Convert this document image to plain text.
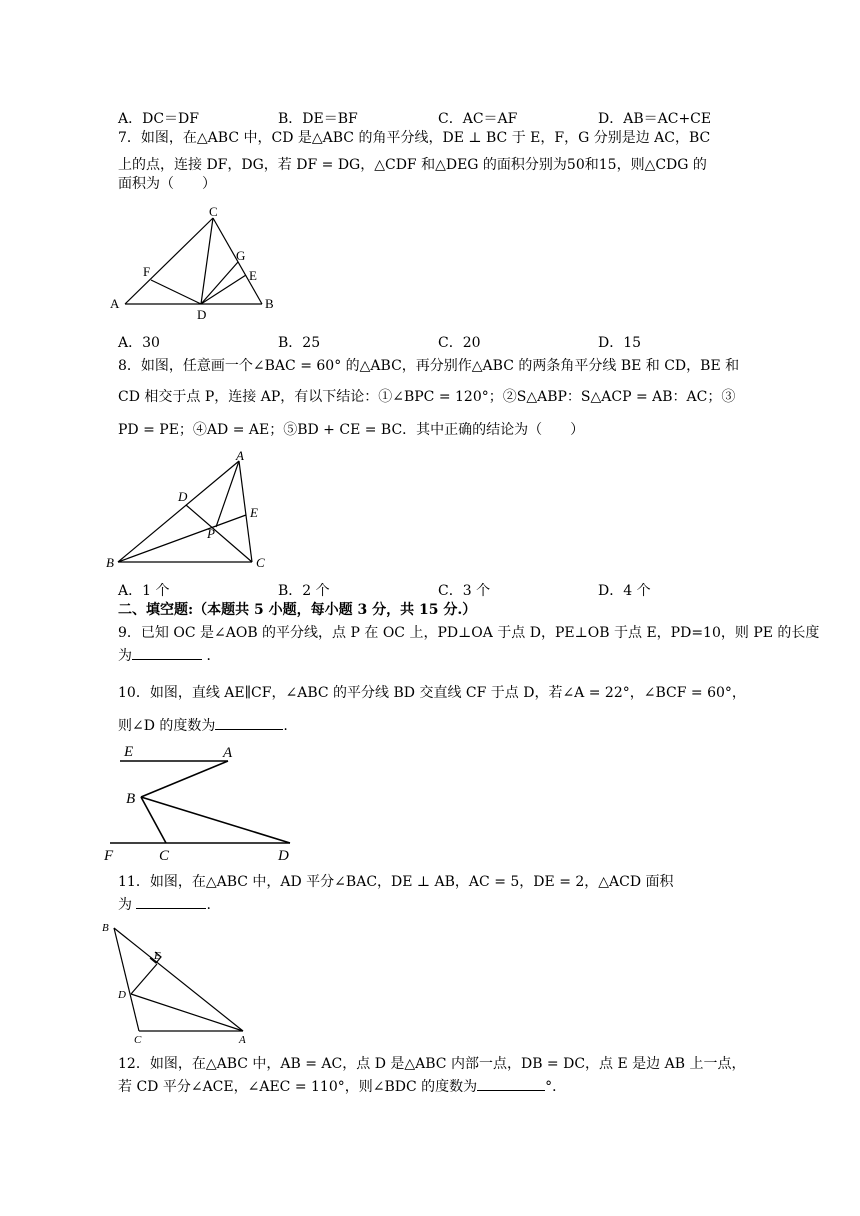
A．DC＝DF	B．DE＝BF	C．AC＝AF	D．AB＝AC+CE
7．如图，在△ABC 中，CD 是△ABC 的角平分线，DE ⊥ BC 于 E，F，G 分别是边 AC，BC
上的点，连接 DF，DG，若 DF = DG，△CDF 和△DEG 的面积分别为50和15，则△CDG 的
面积为（　　）
C
A	B
D
F
G
E
A．30	B．25	C．20	D．15
8．如图，任意画一个∠BAC = 60° 的△ABC，再分别作△ABC 的两条角平分线 BE 和 CD，BE 和
CD 相交于点 P，连接 AP，有以下结论：①∠BPC = 120°；②S△ABP：S△ACP = AB：AC；③
PD = PE；④AD = AE；⑤BD + CE = BC．其中正确的结论为（　　）
A
B	C
D
E
P
A．1 个	B．2 个	C．3 个	D．4 个
二、填空题:（本题共 5 小题，每小题 3 分，共 15 分.）
9．已知 OC 是∠AOB 的平分线，点 P 在 OC 上，PD⊥OA 于点 D，PE⊥OB 于点 E，PD=10，则 PE 的长度
为	．
10．如图，直线 AE∥CF，∠ABC 的平分线 BD 交直线 CF 于点 D，若∠A = 22°，∠BCF = 60°，
则∠D 的度数为	.
E	A
B
F	C	D
11．如图，在△ABC 中，AD 平分∠BAC，DE ⊥ AB，AC = 5，DE = 2，△ACD 面积
为	.
B
E
D
C	A
12．如图，在△ABC 中，AB = AC，点 D 是△ABC 内部一点，DB = DC，点 E 是边 AB 上一点，
若 CD 平分∠ACE，∠AEC = 110°，则∠BDC 的度数为	°．
